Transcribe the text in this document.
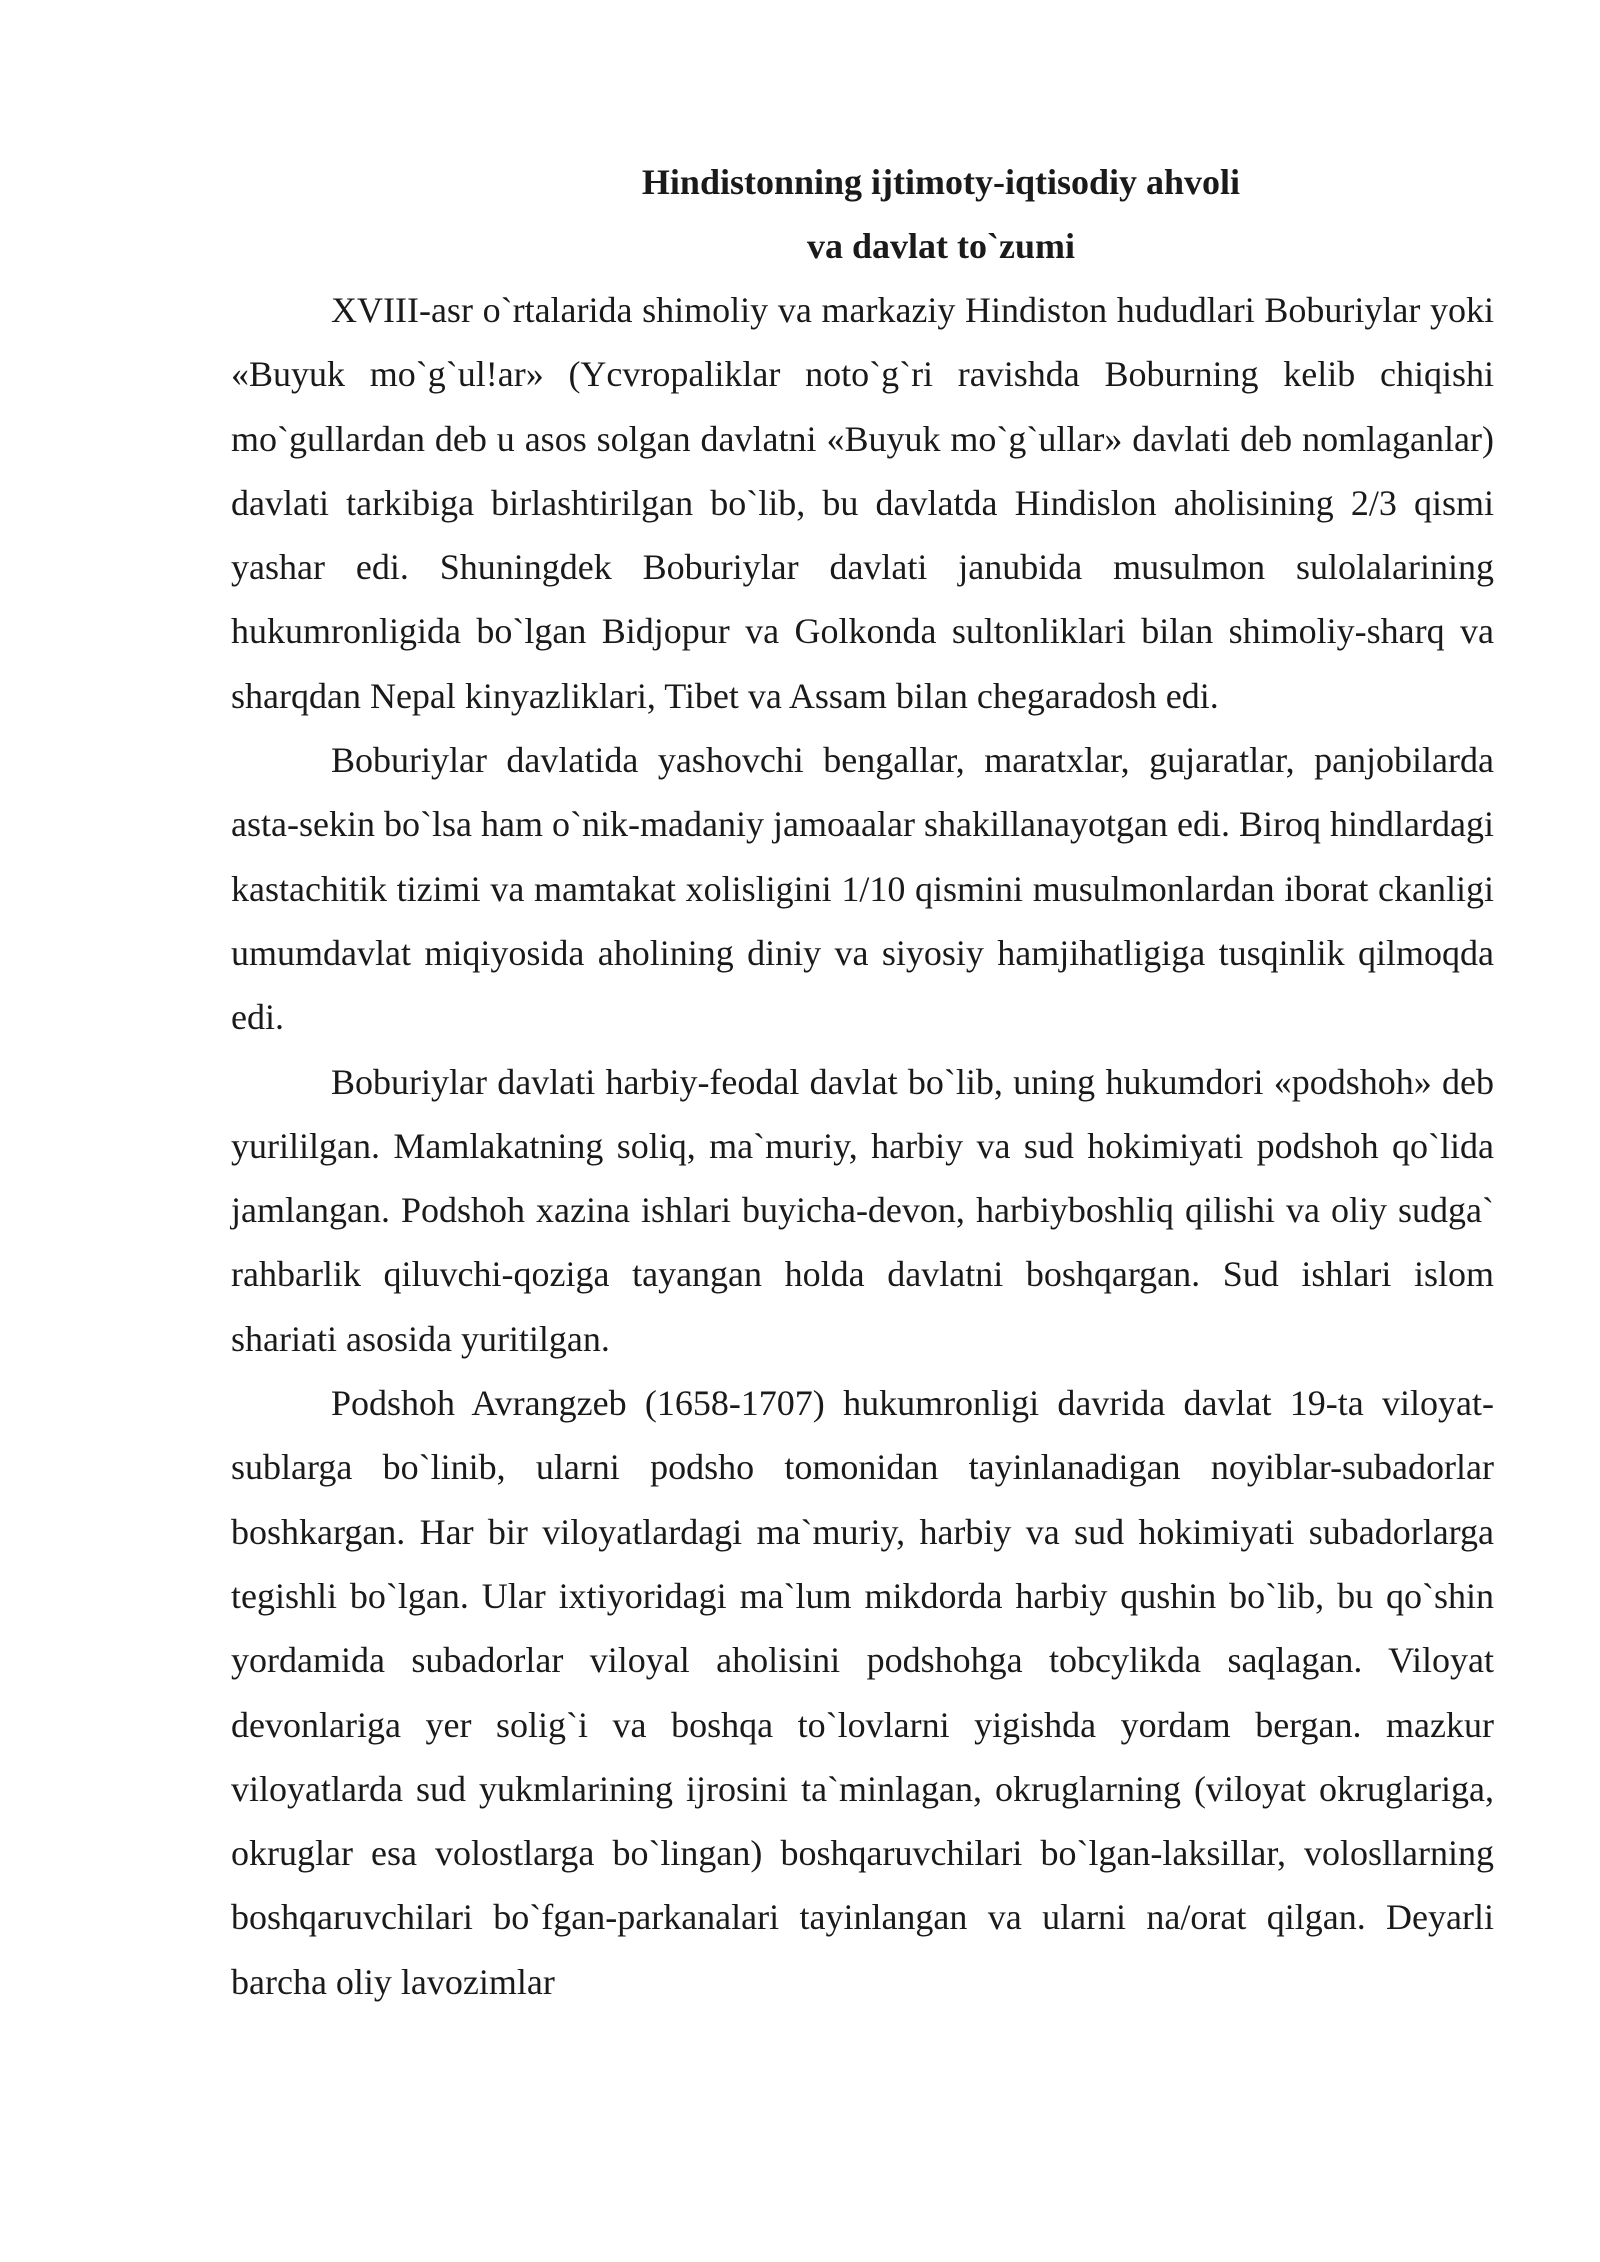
Hindistonning ijtimoty-iqtisodiy ahvoli

va davlat to`zumi

XVIII-asr o`rtalarida shimoliy va markaziy Hindiston hududlari Boburiylar yoki «Buyuk mo`g`ul!ar» (Ycvropaliklar noto`g`ri ravishda Boburning kelib chiqishi mo`gullardan deb u asos solgan davlatni «Buyuk mo`g`ullar» davlati deb nomlaganlar) davlati tarkibiga birlashtirilgan bo`lib, bu davlatda Hindislon aholisining 2/3 qismi yashar edi. Shuningdek Boburiylar davlati janubida musulmon sulolalarining hukumronligida bo`lgan Bidjopur va Golkonda sultonliklari bilan shimoliy-sharq va sharqdan Nepal kinyazliklari, Tibet va Assam bilan chegaradosh edi.

Boburiylar davlatida yashovchi bengallar, maratxlar, gujaratlar, panjobilarda asta-sekin bo`lsa ham o`nik-madaniy jamoaalar shakillanayotgan edi. Biroq hindlardagi kastachitik tizimi va mamtakat xolisligini 1/10 qismini musulmonlardan iborat ckanligi umumdavlat miqiyosida aholining diniy va siyosiy hamjihatligiga tusqinlik qilmoqda edi.

Boburiylar davlati harbiy-feodal davlat bo`lib, uning hukumdori «podshoh» deb yurililgan. Mamlakatning soliq, ma`muriy, harbiy va sud hokimiyati podshoh qo`lida jamlangan. Podshoh xazina ishlari buyicha-devon, harbiyboshliq qilishi va oliy sudga` rahbarlik qiluvchi-qoziga tayangan holda davlatni boshqargan. Sud ishlari islom shariati asosida yuritilgan.

Podshoh Avrangzeb (1658-1707) hukumronligi davrida davlat 19-ta viloyat-sublarga bo`linib, ularni podsho tomonidan tayinlanadigan noyiblar-subadorlar boshkargan. Har bir viloyatlardagi ma`muriy, harbiy va sud hokimiyati subadorlarga tegishli bo`lgan. Ular ixtiyoridagi ma`lum mikdorda harbiy qushin bo`lib, bu qo`shin yordamida subadorlar viloyal aholisini podshohga tobcylikda saqlagan. Viloyat devonlariga yer solig`i va boshqa to`lovlarni yigishda yordam bergan. mazkur viloyatlarda sud yukmlarining ijrosini ta`minlagan, okruglarning (viloyat okruglariga, okruglar esa volostlarga bo`lingan) boshqaruvchilari bo`lgan-laksillar, volosllarning boshqaruvchilari bo`fgan-parkanalari tayinlangan va ularni na/orat qilgan. Deyarli barcha oliy lavozimlar
